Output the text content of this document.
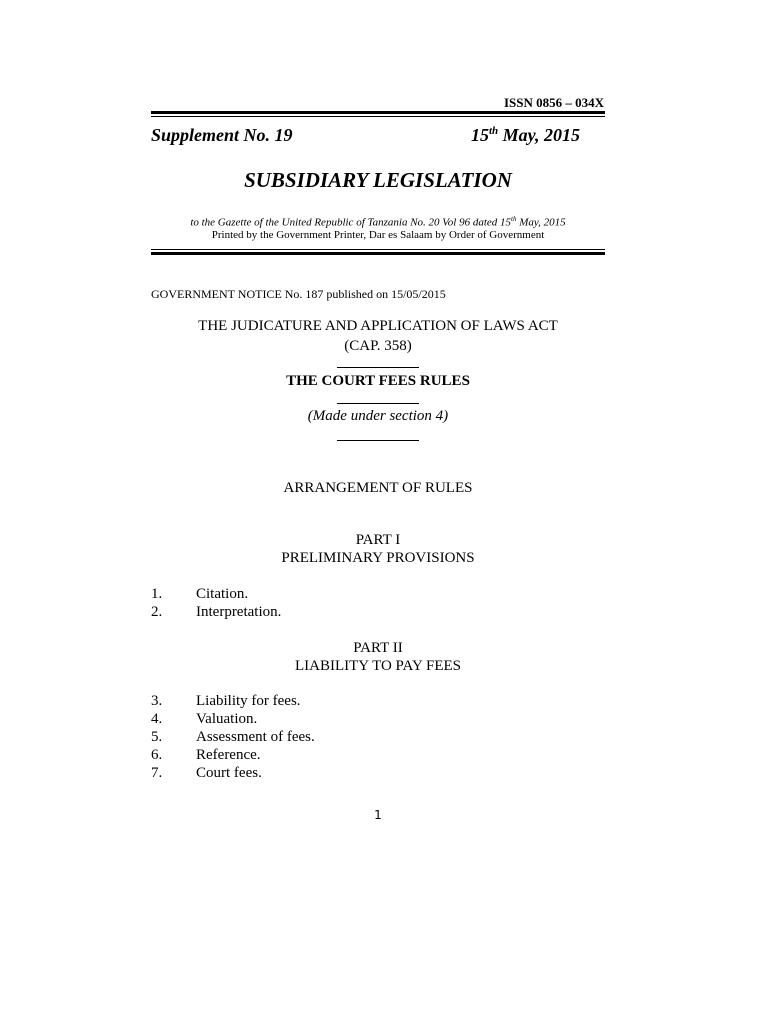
ISSN 0856 – 034X
Supplement No. 19	15th May, 2015
SUBSIDIARY LEGISLATION
to the Gazette of the United Republic of Tanzania No. 20 Vol 96 dated 15th May, 2015
Printed by the Government Printer, Dar es Salaam by Order of Government
GOVERNMENT NOTICE No. 187 published on 15/05/2015
THE JUDICATURE AND APPLICATION OF LAWS ACT
(CAP. 358)
THE COURT FEES RULES
(Made under section 4)
ARRANGEMENT OF RULES
PART I
PRELIMINARY PROVISIONS
1. Citation.
2. Interpretation.
PART II
LIABILITY TO PAY FEES
3. Liability for fees.
4. Valuation.
5. Assessment of fees.
6. Reference.
7. Court fees.
1
